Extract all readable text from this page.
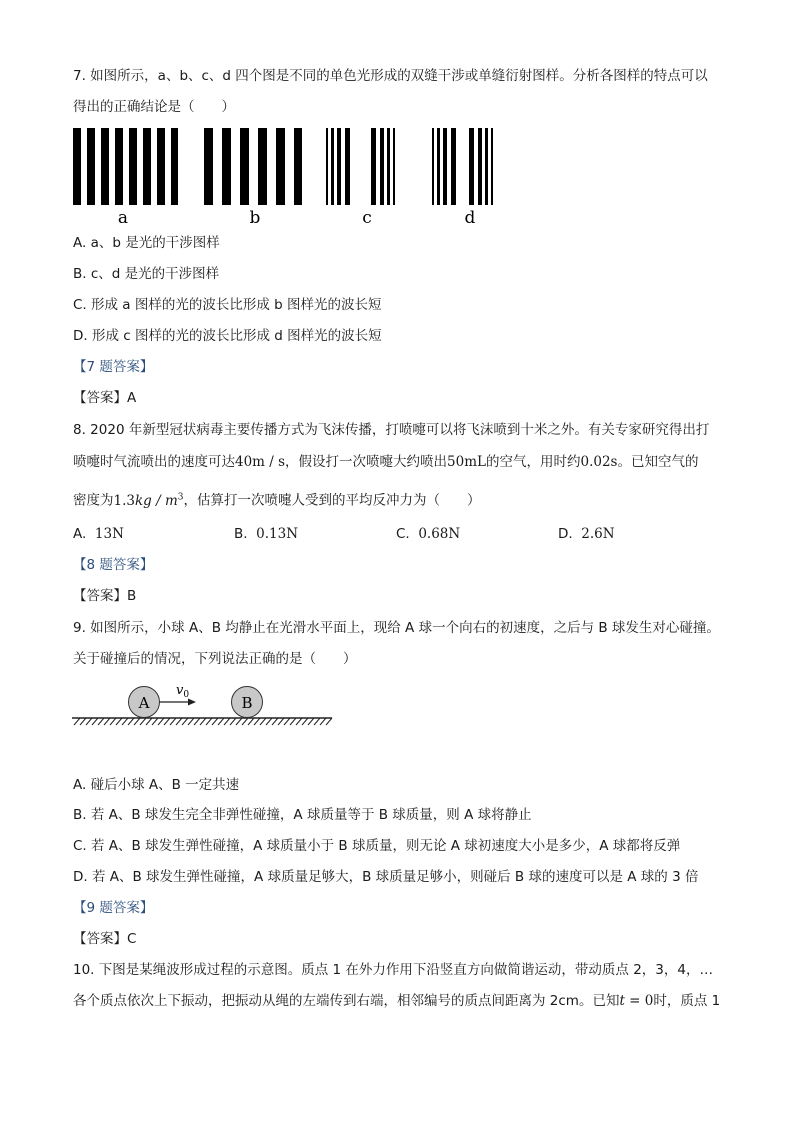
7. 如图所示，a、b、c、d 四个图是不同的单色光形成的双缝干涉或单缝衍射图样。分析各图样的特点可以
得出的正确结论是（　　）
a	b	c	d
A. a、b 是光的干涉图样
B. c、d 是光的干涉图样
C. 形成 a 图样的光的波长比形成 b 图样光的波长短
D. 形成 c 图样的光的波长比形成 d 图样光的波长短
【7 题答案】
【答案】A
8. 2020 年新型冠状病毒主要传播方式为飞沫传播，打喷嚏可以将飞沫喷到十米之外。有关专家研究得出打
喷嚏时气流喷出的速度可达40m / s，假设打一次喷嚏大约喷出50mL的空气，用时约0.02s。已知空气的
密度为$1.3kg / m^3$，估算打一次喷嚏人受到的平均反冲力为（　　）
A. 13N	B. 0.13N	C. 0.68N	D. 2.6N
【8 题答案】
【答案】B
9. 如图所示，小球 A、B 均静止在光滑水平面上，现给 A 球一个向右的初速度，之后与 B 球发生对心碰撞。
关于碰撞后的情况，下列说法正确的是（　　）
A	B
$v_0$
A. 碰后小球 A、B 一定共速
B. 若 A、B 球发生完全非弹性碰撞，A 球质量等于 B 球质量，则 A 球将静止
C. 若 A、B 球发生弹性碰撞，A 球质量小于 B 球质量，则无论 A 球初速度大小是多少，A 球都将反弹
D. 若 A、B 球发生弹性碰撞，A 球质量足够大，B 球质量足够小，则碰后 B 球的速度可以是 A 球的 3 倍
【9 题答案】
【答案】C
10. 下图是某绳波形成过程的示意图。质点 1 在外力作用下沿竖直方向做简谐运动，带动质点 2，3，4，…
各个质点依次上下振动，把振动从绳的左端传到右端，相邻编号的质点间距离为 2cm。已知t = 0时，质点 1
